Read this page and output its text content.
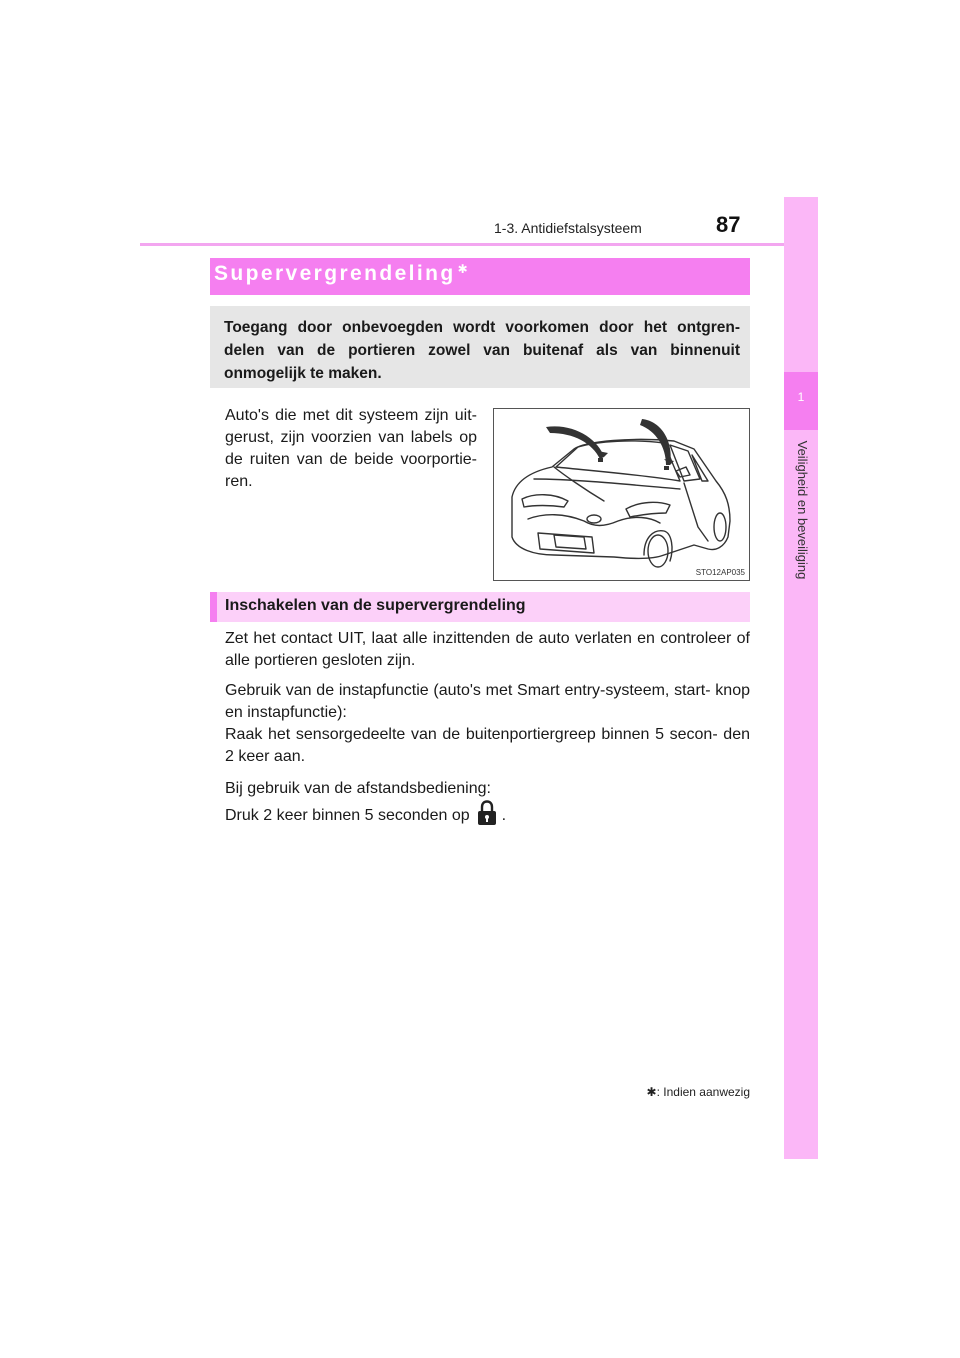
1-3. Antidiefstalsysteem	87
1
Veiligheid en beveiliging
Supervergrendeling ✱
Toegang door onbevoegden wordt voorkomen door het ontgren- delen van de portieren zowel van buitenaf als van binnenuit onmogelijk te maken.
Auto's die met dit systeem zijn uit- gerust, zijn voorzien van labels op de ruiten van de beide voorportie- ren.
STO12AP035
Inschakelen van de supervergrendeling
Zet het contact UIT, laat alle inzittenden de auto verlaten en controleer of alle portieren gesloten zijn.
Gebruik van de instapfunctie (auto's met Smart entry-systeem, start- knop en instapfunctie):
Raak het sensorgedeelte van de buitenportiergreep binnen 5 secon- den 2 keer aan.
Bij gebruik van de afstandsbediening:
Druk 2 keer binnen 5 seconden op .
✱: Indien aanwezig
